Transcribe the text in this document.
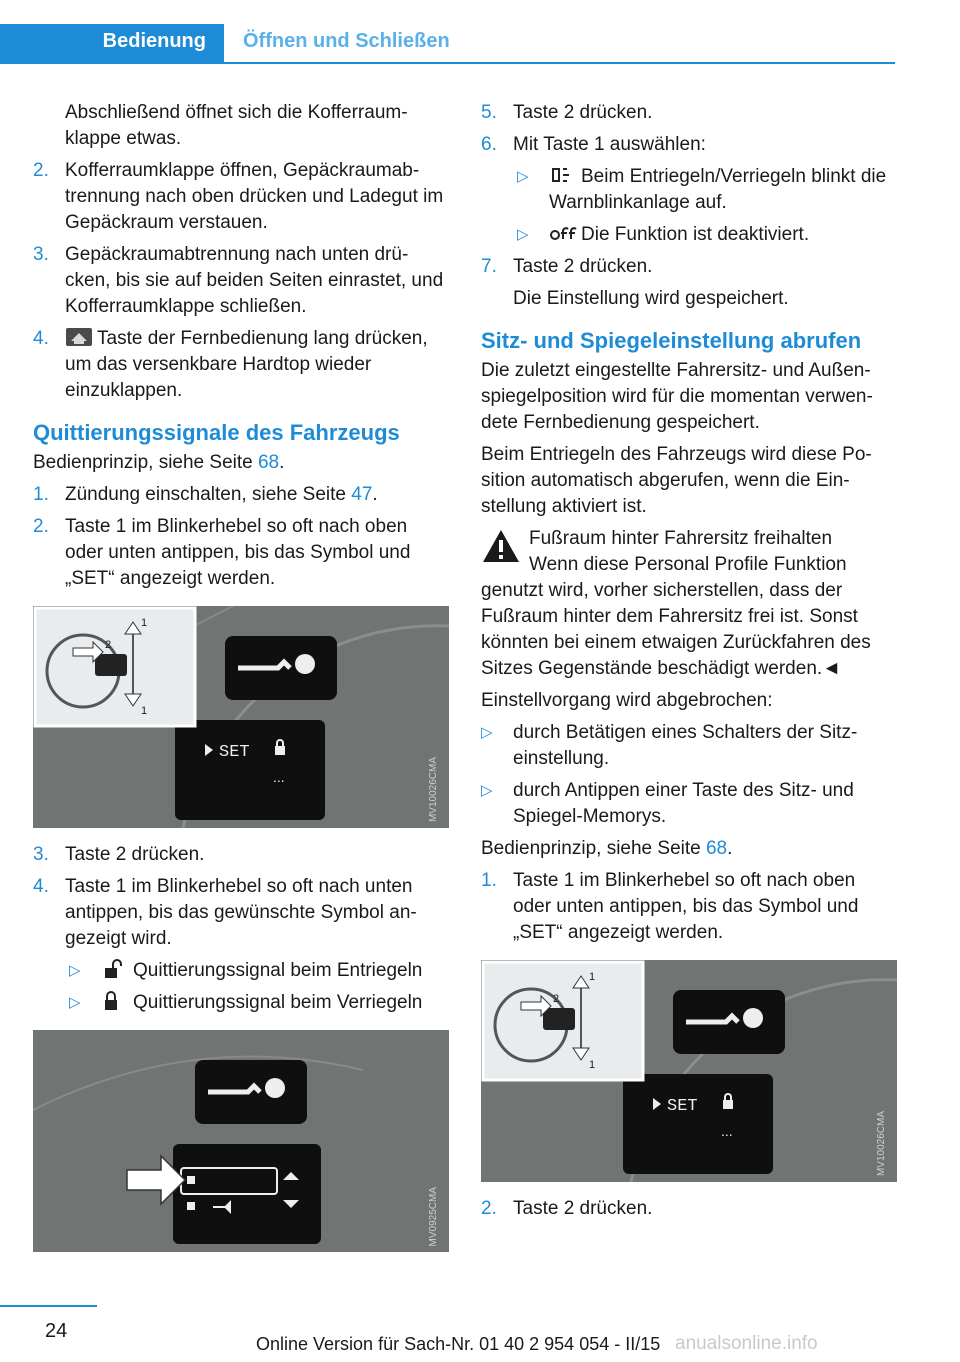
Bedienung Öffnen und Schließen
Abschließend öffnet sich die Kofferraumklappe etwas.
2. Kofferraumklappe öffnen, Gepäckraumabtrennung nach oben drücken und Ladegut im Gepäckraum verstauen.
3. Gepäckraumabtrennung nach unten drücken, bis sie auf beiden Seiten einrastet, und Kofferraumklappe schließen.
4.	Taste der Fernbedienung lang drücken, um das versenkbare Hardtop wieder einzuklappen.
Quittierungssignale des Fahrzeugs
Bedienprinzip, siehe Seite 68.
1. Zündung einschalten, siehe Seite 47.
2. Taste 1 im Blinkerhebel so oft nach oben oder unten antippen, bis das Symbol und „SET“ angezeigt werden.
SET
...
1
1
2
MV10026CMA
3. Taste 2 drücken.
4. Taste 1 im Blinkerhebel so oft nach unten antippen, bis das gewünschte Symbol angezeigt wird.
▷	Quittierungssignal beim Entriegeln
▷	Quittierungssignal beim Verriegeln
MV0925CMA
5. Taste 2 drücken.
6. Mit Taste 1 auswählen:
▷	Beim Entriegeln/Verriegeln blinkt die Warnblinkanlage auf.
▷	Die Funktion ist deaktiviert.
7. Taste 2 drücken.
Die Einstellung wird gespeichert.
Sitz- und Spiegeleinstellung abrufen
Die zuletzt eingestellte Fahrersitz- und Außenspiegelposition wird für die momentan verwendete Fernbedienung gespeichert.
Beim Entriegeln des Fahrzeugs wird diese Position automatisch abgerufen, wenn die Einstellung aktiviert ist.
Fußraum hinter Fahrersitz freihalten
Wenn diese Personal Profile Funktion
genutzt wird, vorher sicherstellen, dass der Fußraum hinter dem Fahrersitz frei ist. Sonst könnten bei einem etwaigen Zurückfahren des Sitzes Gegenstände beschädigt werden.◄
Einstellvorgang wird abgebrochen:
▷ durch Betätigen eines Schalters der Sitzeinstellung.
▷ durch Antippen einer Taste des Sitz- und Spiegel-Memorys.
Bedienprinzip, siehe Seite 68.
1. Taste 1 im Blinkerhebel so oft nach oben oder unten antippen, bis das Symbol und „SET“ angezeigt werden.
SET
...
1
1
2
MV10026CMA
2. Taste 2 drücken.
24
Online Version für Sach-Nr. 01 40 2 954 054 - II/15 anualsonline.info
